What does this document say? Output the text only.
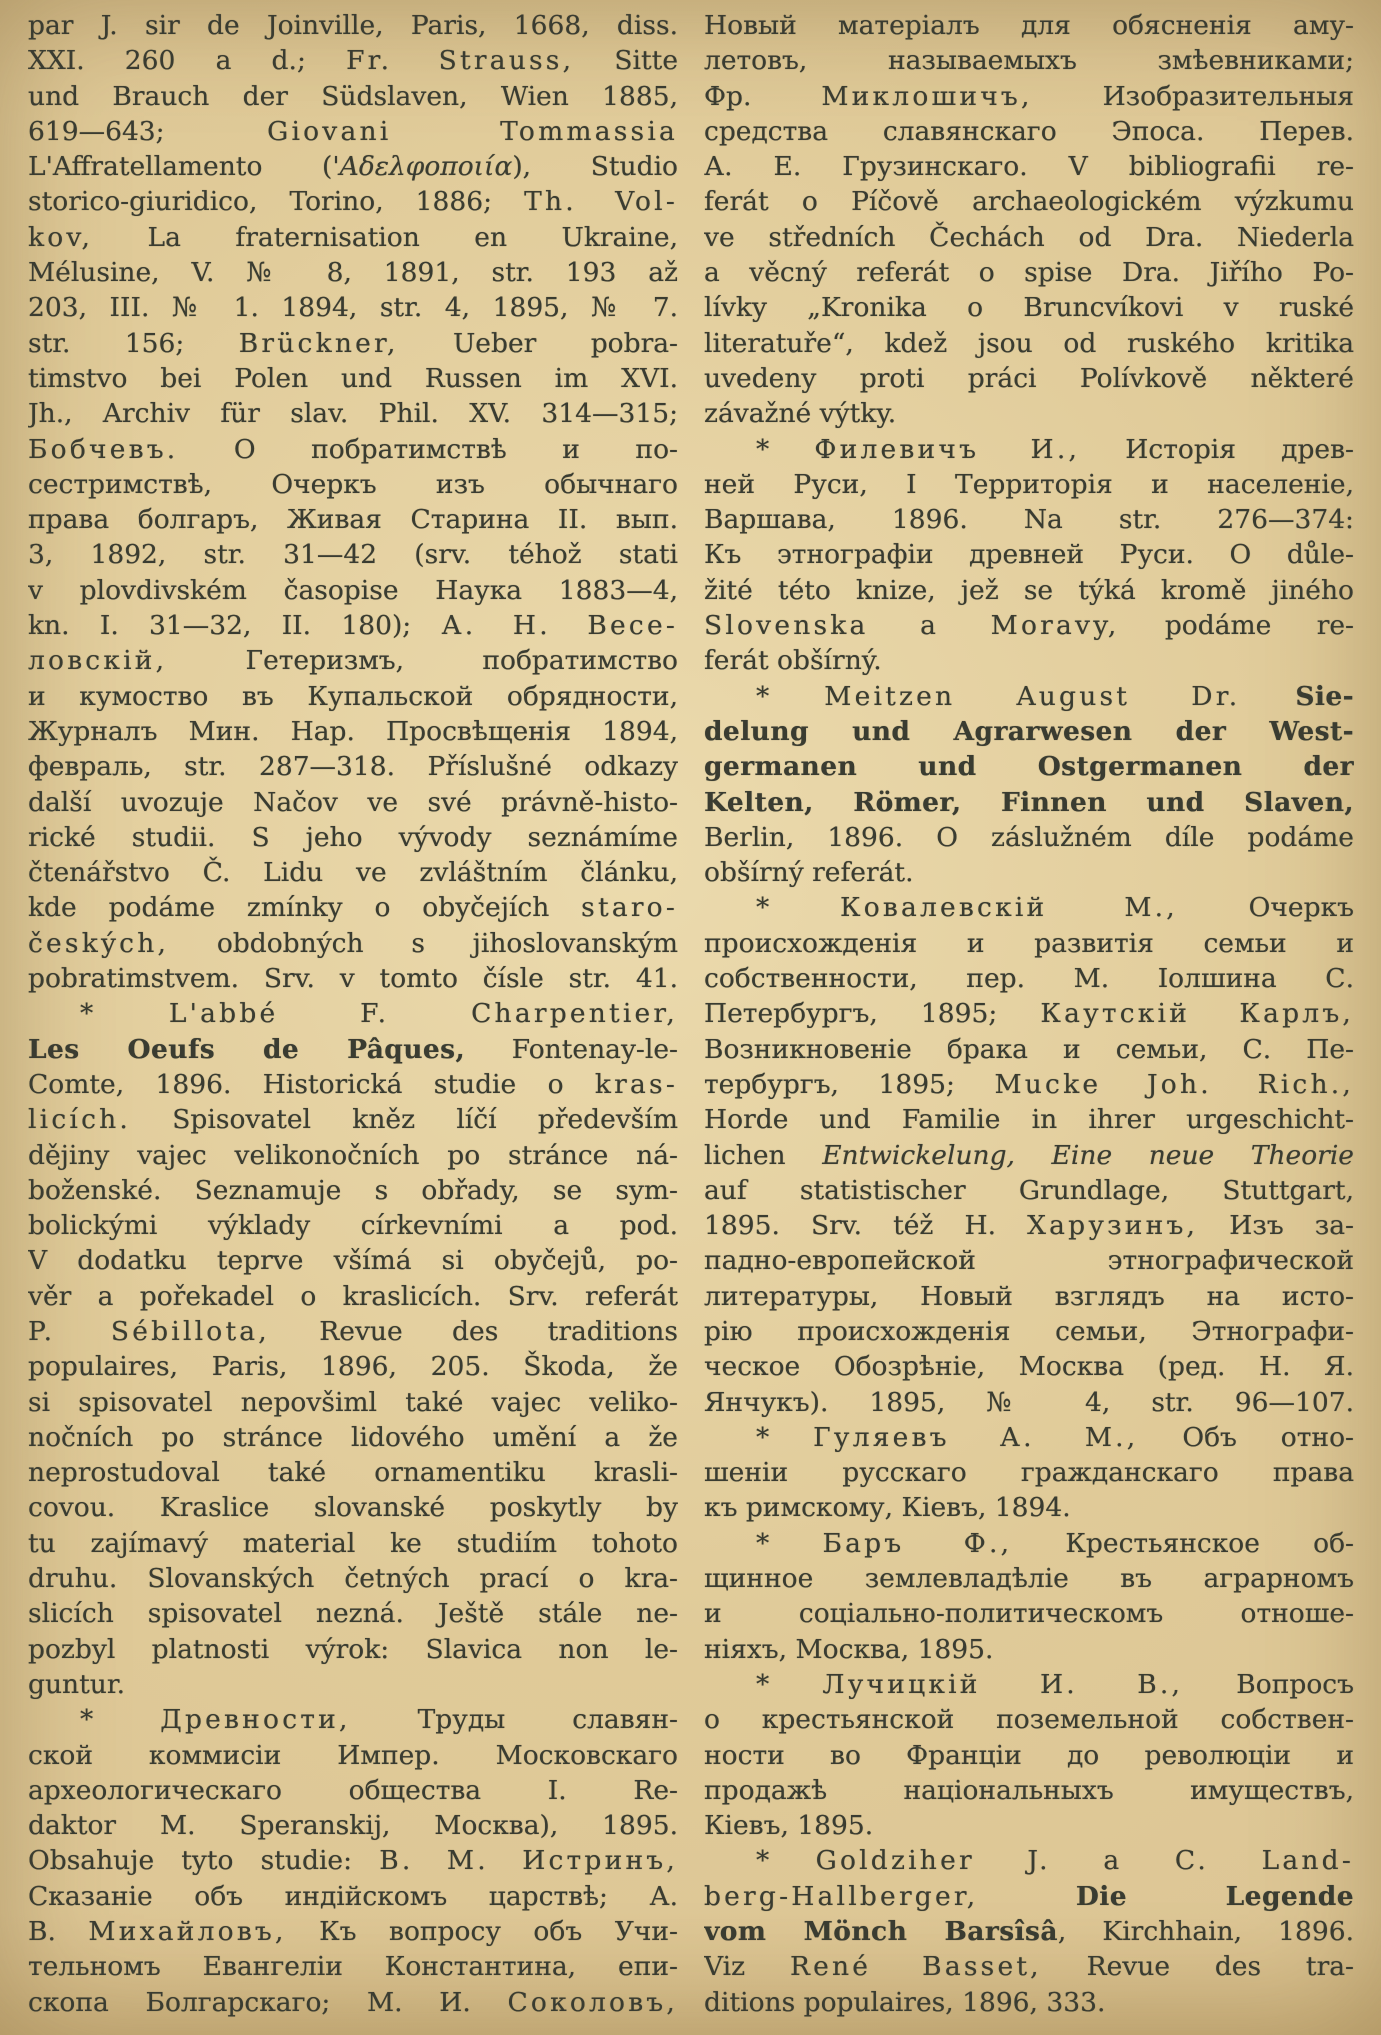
par J. sir de Joinville, Paris, 1668, diss.
XXI. 260 a d.; Fr. Strauss, Sitte
und Brauch der Südslaven, Wien 1885,
619—643; Giovani Tommassia
L'Affratellamento ('Αδελφοποιία), Studio
storico-giuridico, Torino, 1886; Th. Vol-
kov, La fraternisation en Ukraine,
Mélusine, V. № 8, 1891, str. 193 až
203, III. № 1. 1894, str. 4, 1895, № 7.
str. 156; Brückner, Ueber pobra-
timstvo bei Polen und Russen im XVI.
Jh., Archiv für slav. Phil. XV. 314—315;
Бобчевъ. О побратимствѣ и по-
сестримствѣ, Очеркъ изъ обычнаго
права болгаръ, Живая Старина II. вып.
3, 1892, str. 31—42 (srv. téhož stati
v plovdivském časopise Наука 1883—4,
kn. I. 31—32, II. 180); А. Н. Весе-
ловскій, Гетеризмъ, побратимство
и кумоство въ Купальской обрядности,
Журналъ Мин. Нар. Просвѣщенія 1894,
февраль, str. 287—318. Příslušné odkazy
další uvozuje Načov ve své právně-histo-
rické studii. S jeho vývody seznámíme
čtenářstvo Č. Lidu ve zvláštním článku,
kde podáme zmínky o obyčejích staro-
českých, obdobných s jihoslovanským
pobratimstvem. Srv. v tomto čísle str. 41.
* L'abbé F. Charpentier,
Les Oeufs de Pâques, Fontenay-le-
Comte, 1896. Historická studie o kras-
licích. Spisovatel kněz líčí především
dějiny vajec velikonočních po stránce ná-
boženské. Seznamuje s obřady, se sym-
bolickými výklady církevními a pod.
V dodatku teprve všímá si obyčejů, po-
věr a pořekadel o kraslicích. Srv. referát
P. Sébillota, Revue des traditions
populaires, Paris, 1896, 205. Škoda, že
si spisovatel nepovšiml také vajec veliko-
nočních po stránce lidového umění a že
neprostudoval také ornamentiku krasli-
covou. Kraslice slovanské poskytly by
tu zajímavý material ke studiím tohoto
druhu. Slovanských četných prací o kra-
slicích spisovatel nezná. Ještě stále ne-
pozbyl platnosti výrok: Slavica non le-
guntur.
* Древности, Труды славян-
ской коммисіи Импер. Московскаго
археологическаго общества I. Re-
daktor M. Speranskij, Москва), 1895.
Obsahuje tyto studie: В. М. Истринъ,
Сказаніе объ индійскомъ царствѣ; А.
В. Михайловъ, Къ вопросу объ Учи-
тельномъ Евангеліи Константина, епи-
скопа Болгарскаго; М. И. Соколовъ,
Новый матеріалъ для обясненія аму-
летовъ, называемыхъ змѣевниками;
Фр. Миклошичъ, Изобразительныя
средства славянскаго Эпоса. Перев.
А. Е. Грузинскаго. V bibliografii re-
ferát o Píčově archaeologickém výzkumu
ve středních Čechách od Dra. Niederla
a věcný referát o spise Dra. Jiřího Po-
lívky „Kronika o Bruncvíkovi v ruské
literatuře“, kdež jsou od ruského kritika
uvedeny proti práci Polívkově některé
závažné výtky.
* Филевичъ И., Исторія древ-
ней Руси, I Территорія и населеніе,
Варшава, 1896. Na str. 276—374:
Къ этнографіи древней Руси. O důle-
žité této knize, jež se týká kromě jiného
Slovenska a Moravy, podáme re-
ferát obšírný.
* Meitzen August Dr. Sie-
delung und Agrarwesen der West-
germanen und Ostgermanen der
Kelten, Römer, Finnen und Slaven,
Berlin, 1896. O záslužném díle podáme
obšírný referát.
* Ковалевскій М., Очеркъ
происхожденія и развитія семьи и
собственности, пер. М. Іолшина С.
Петербургъ, 1895; Каутскій Карлъ,
Возникновеніе брака и семьи, С. Пе-
тербургъ, 1895; Mucke Joh. Rich.,
Horde und Familie in ihrer urgeschicht-
lichen Entwickelung, Eine neue Theorie
auf statistischer Grundlage, Stuttgart,
1895. Srv. též Н. Харузинъ, Изъ за-
падно-европейской этнографической
литературы, Новый взглядъ на исто-
рію происхожденія семьи, Этнографи-
ческое Обозрѣніе, Москва (ред. Н. Я.
Янчукъ). 1895, № 4, str. 96—107.
* Гуляевъ А. М., Объ отно-
шеніи русскаго гражданскаго права
къ римскому, Кіевъ, 1894.
* Баръ Ф., Крестьянское об-
щинное землевладѣліе въ аграрномъ
и соціально-политическомъ отноше-
ніяхъ, Москва, 1895.
* Лучицкій И. В., Вопросъ
о крестьянской поземельной собствен-
ности во Франціи до революціи и
продажѣ національныхъ имуществъ,
Кіевъ, 1895.
* Goldziher J. a C. Land-
berg-Hallberger,	Die Legende
vom Mönch Barsîsâ, Kirchhain, 1896.
Viz René Basset, Revue des tra-
ditions populaires, 1896, 333.
